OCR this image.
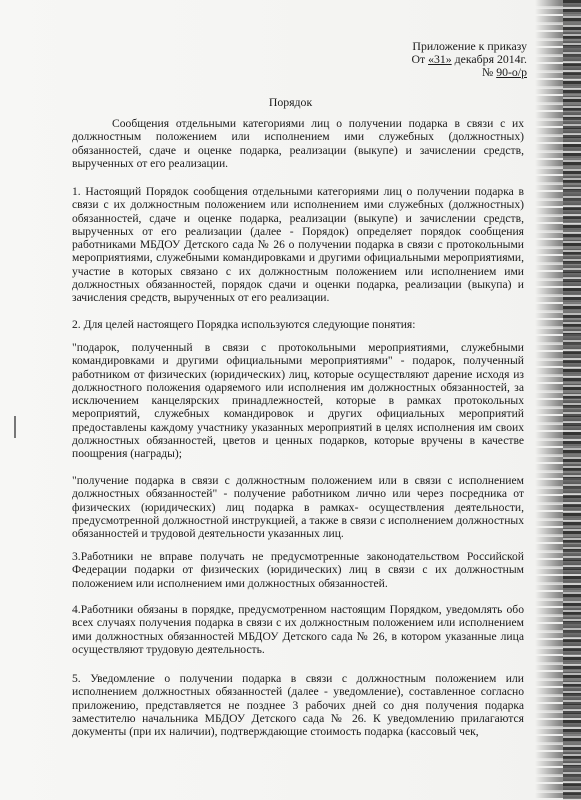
Приложение к приказу
От «31» декабря 2014г.
№ 90-о/р
Порядок

Сообщения отдельными категориями лиц о получении подарка в связи с их должностным положением или исполнением ими служебных (должностных) обязанностей, сдаче и оценке подарка, реализации (выкупе) и зачислении средств, вырученных от его реализации.

1. Настоящий Порядок сообщения отдельными категориями лиц о получении подарка в связи с их должностным положением или исполнением ими служебных (должностных) обязанностей, сдаче и оценке подарка, реализации (выкупе) и зачислении средств, вырученных от его реализации (далее - Порядок) определяет порядок сообщения работниками МБДОУ Детского сада № 26 о получении подарка в связи с протокольными мероприятиями, служебными командировками и другими официальными мероприятиями, участие в которых связано с их должностным положением или исполнением ими должностных обязанностей, порядок сдачи и оценки подарка, реализации (выкупа) и зачисления средств, вырученных от его реализации.

2. Для целей настоящего Порядка используются следующие понятия:

"подарок, полученный в связи с протокольными мероприятиями, служебными командировками и другими официальными мероприятиями" - подарок, полученный работником от физических (юридических) лиц, которые осуществляют дарение исходя из должностного положения одаряемого или исполнения им должностных обязанностей, за исключением канцелярских принадлежностей, которые в рамках протокольных мероприятий, служебных командировок и других официальных мероприятий предоставлены каждому участнику указанных мероприятий в целях исполнения им своих должностных обязанностей, цветов и ценных подарков, которые вручены в качестве поощрения (награды);

"получение подарка в связи с должностным положением или в связи с исполнением должностных обязанностей" - получение работником лично или через посредника от физических (юридических) лиц подарка в рамках- осуществления деятельности, предусмотренной должностной инструкцией, а также в связи с исполнением должностных обязанностей и трудовой деятельности указанных лиц.

3.Работники не вправе получать не предусмотренные законодательством Российской Федерации подарки от физических (юридических) лиц в связи с их должностным положением или исполнением ими должностных обязанностей.

4.Работники обязаны в порядке, предусмотренном настоящим Порядком, уведомлять обо всех случаях получения подарка в связи с их должностным положением или исполнением ими должностных обязанностей МБДОУ Детского сада № 26, в котором указанные лица осуществляют трудовую деятельность.

5. Уведомление о получении подарка в связи с должностным положением или исполнением должностных обязанностей (далее - уведомление), составленное согласно приложению, представляется не позднее 3 рабочих дней со дня получения подарка заместителю начальника МБДОУ Детского сада № 26. К уведомлению прилагаются документы (при их наличии), подтверждающие стоимость подарка (кассовый чек,
